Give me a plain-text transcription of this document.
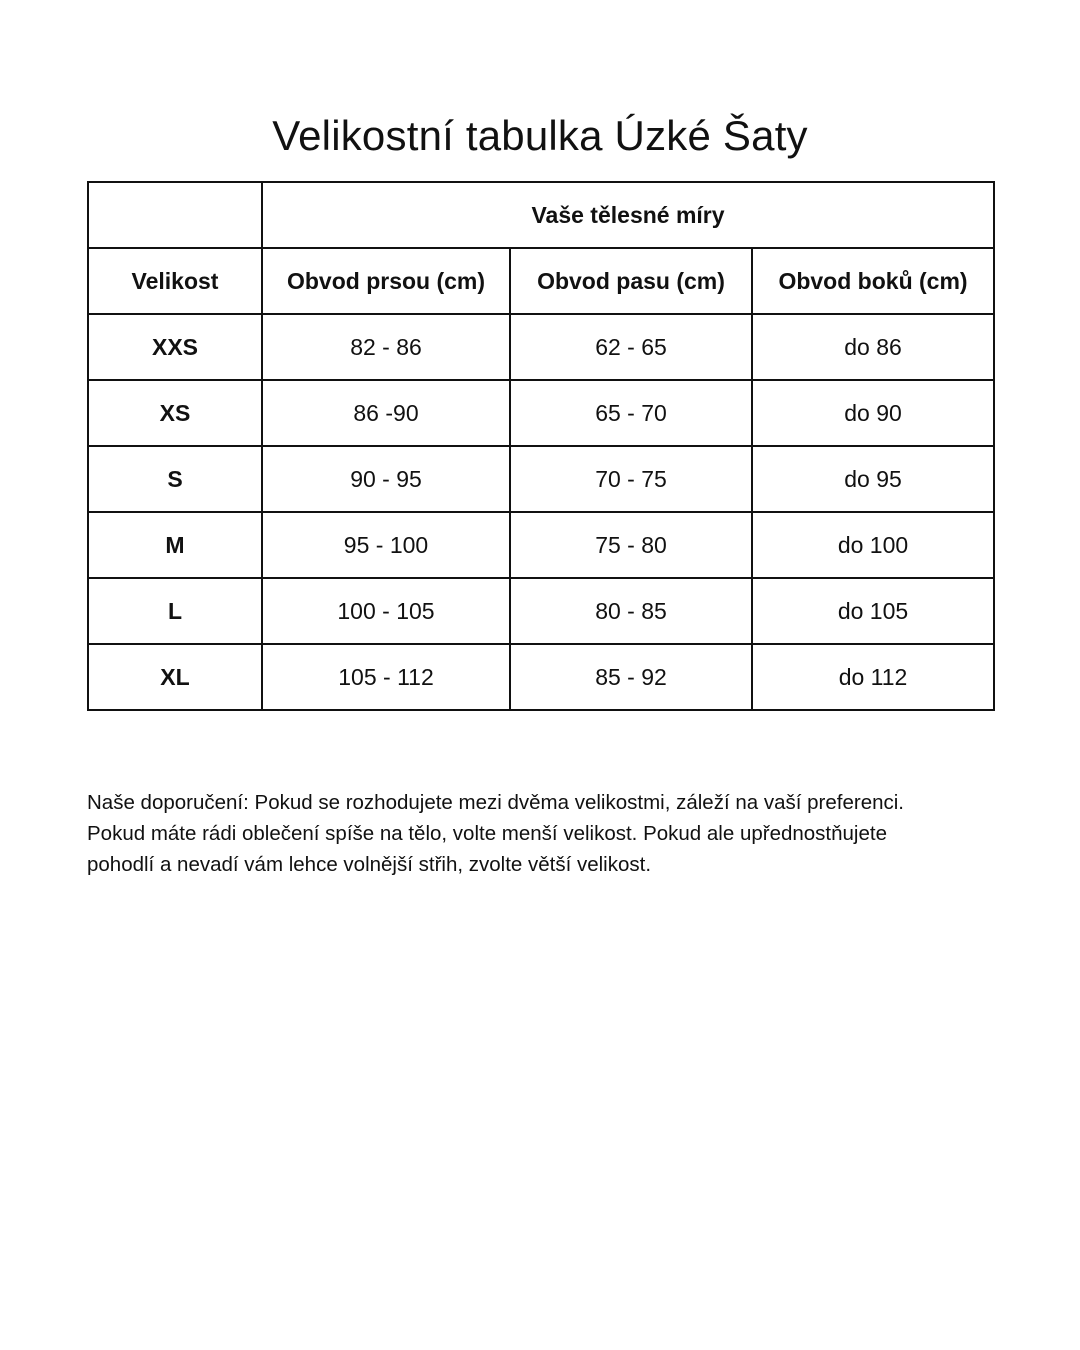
Velikostní tabulka Úzké Šaty
	Vaše tělesné míry		
Velikost	Obvod prsou (cm)	Obvod pasu (cm)	Obvod boků (cm)
XXS	82 - 86	62 - 65	do 86
XS	86 -90	65 - 70	do 90
S	90 - 95	70 - 75	do 95
M	95 - 100	75 - 80	do 100
L	100 - 105	80 - 85	do 105
XL	105 - 112	85 - 92	do 112

Naše doporučení: Pokud se rozhodujete mezi dvěma velikostmi, záleží na vaší preferenci.
Pokud máte rádi oblečení spíše na tělo, volte menší velikost. Pokud ale upřednostňujete
pohodlí a nevadí vám lehce volnější střih, zvolte větší velikost.
